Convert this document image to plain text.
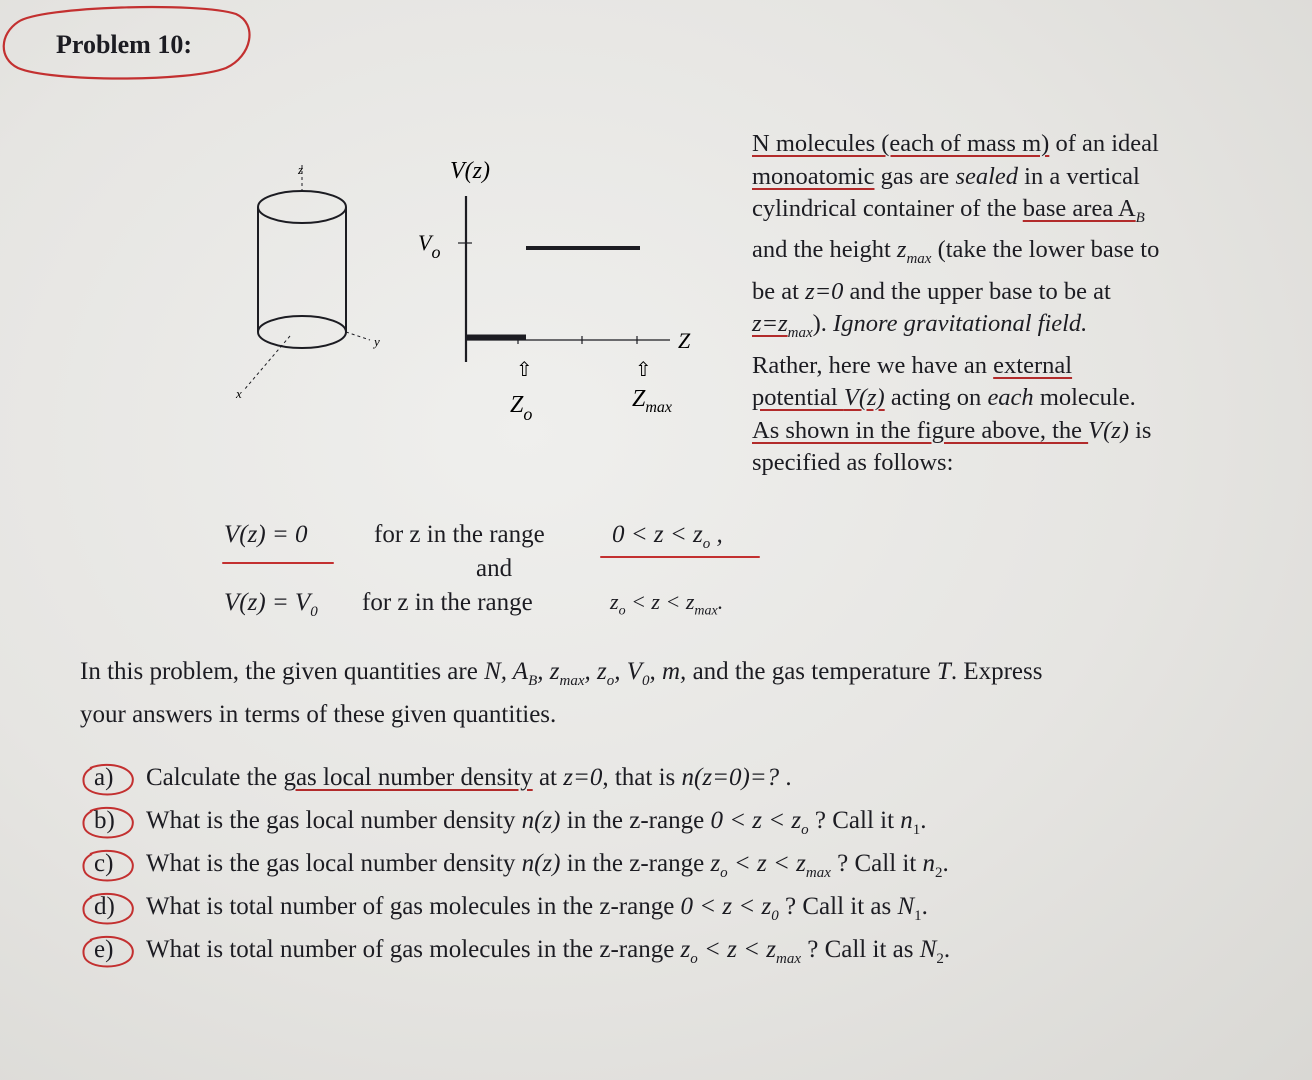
Problem 10:
z
y
x
V(z)
$V_o$
Z
⇧	⇧
$Z_o$
$Z_{max}$

N molecules (each of mass m) of an ideal

monoatomic gas are sealed in a vertical

cylindrical container of the base area $A_B$

and the height $z_{max}$ (take the lower base to

be at z=0 and the upper base to be at

$z=z_{max}$). Ignore gravitational field.

Rather, here we have an external

potential V(z) acting on each molecule.

As shown in the figure above, the V(z) is

specified as follows:

V(z) = 0	for z in the range	$0 < z < z_o$ ,
and
$V(z) = V_0$ for z in the range	$z_o < z < z_{max}$.
In this problem, the given quantities are N, $A_B$, $z_{max}$, $z_o$, $V_0$, m, and the gas temperature T. Express
your answers in terms of these given quantities.
a) Calculate the gas local number density at z=0, that is n(z=0)=? .
b) What is the gas local number density n(z) in the z-range $0 < z < z_o$ ? Call it $n_1$.
c) What is the gas local number density n(z) in the z-range $z_o < z < z_{max}$ ? Call it $n_2$.
d) What is total number of gas molecules in the z-range $0 < z < z_0$ ? Call it as $N_1$.
e) What is total number of gas molecules in the z-range $z_o < z < z_{max}$ ? Call it as $N_2$.
